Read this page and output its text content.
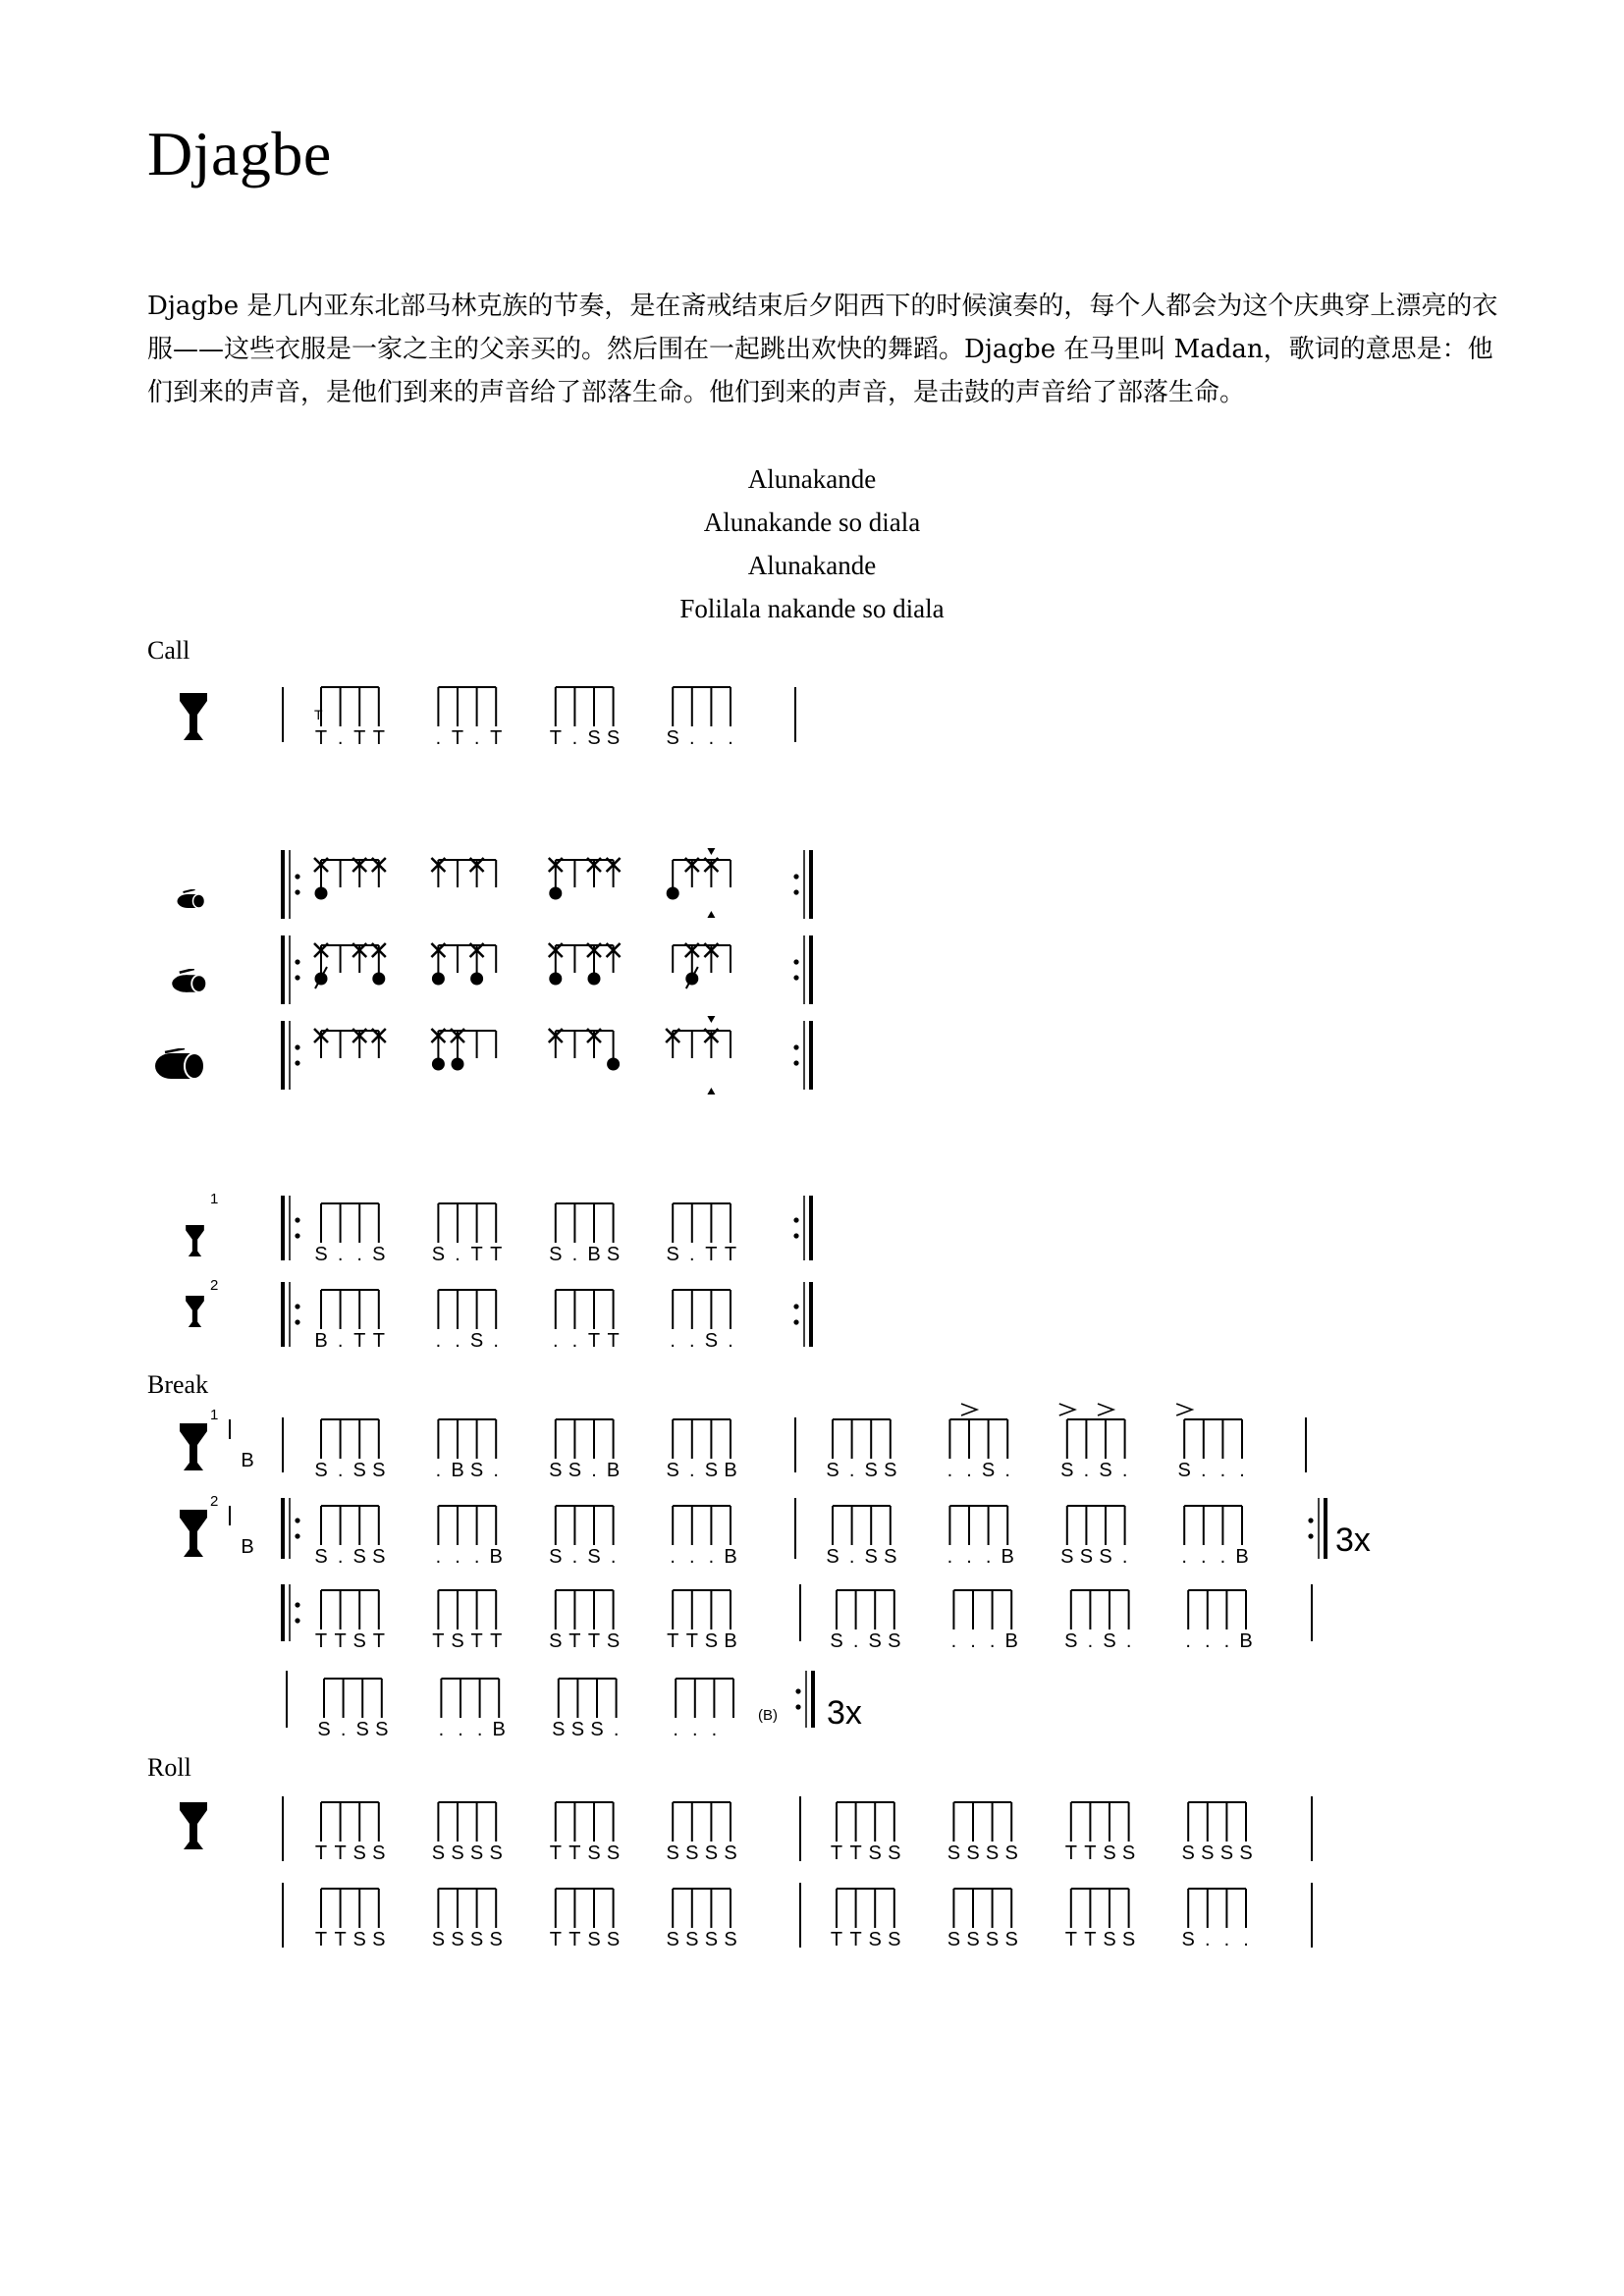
Djagbe
Djagbe 是几内亚东北部马林克族的节奏，是在斋戒结束后夕阳西下的时候演奏的，每个人都会为这个庆典穿上漂亮的衣服——这些衣服是一家之主的父亲买的。然后围在一起跳出欢快的舞蹈。Djagbe 在马里叫 Madan，歌词的意思是：他们到来的声音，是他们到来的声音给了部落生命。他们到来的声音，是击鼓的声音给了部落生命。
Alunakande
Alunakande so diala
Alunakande
Folilala nakande so diala
Call
Break
Roll
1
2
1
2
3x
3x
(B)
T . T T	. T . T T . S S S . . .
T
S . . S S . T T S . B S S . T T
B . T T	. . S .	. . T T	. . S .
B	S . S S	. B S .	S S . B S . S B	S . S S	. . S .	S . S .	S . . .
B	S . S S	. . . B S . S .	. . . B	S . S S	. . . B S S S .	. . . B
T T S T T S T T S T T S T T S B	S . S S	. . . B S . S .	. . . B
S . S S	. . . B S S S .	. . .
T T S S S S S S T T S S S S S S	T T S S S S S S T T S S S S S S
T T S S S S S S T T S S S S S S	T T S S S S S S T T S S S . . .
